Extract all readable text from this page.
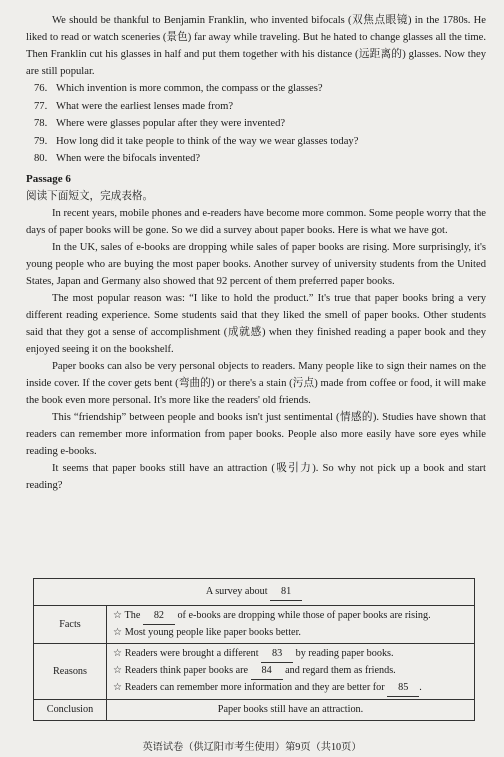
We should be thankful to Benjamin Franklin, who invented bifocals (双焦点眼镜) in the 1780s. He liked to read or watch sceneries (景色) far away while traveling. But he hated to change glasses all the time. Then Franklin cut his glasses in half and put them together with his distance (远距离的) glasses. Now they are still popular.

76. Which invention is more common, the compass or the glasses?

77. What were the earliest lenses made from?

78. Where were glasses popular after they were invented?

79. How long did it take people to think of the way we wear glasses today?

80. When were the bifocals invented?

Passage 6

阅读下面短文，完成表格。

In recent years, mobile phones and e-readers have become more common. Some people worry that the days of paper books will be gone. So we did a survey about paper books. Here is what we have got.

In the UK, sales of e-books are dropping while sales of paper books are rising. More surprisingly, it's young people who are buying the most paper books. Another survey of university students from the United States, Japan and Germany also showed that 92 percent of them preferred paper books.

The most popular reason was: “I like to hold the product.” It's true that paper books bring a very different reading experience. Some students said that they liked the smell of paper books. Other students said that they got a sense of accomplishment (成就感) when they finished reading a paper book and they enjoyed seeing it on the bookshelf.

Paper books can also be very personal objects to readers. Many people like to sign their names on the inside cover. If the cover gets bent (弯曲的) or there's a stain (污点) made from coffee or food, it will make the book even more personal. It's more like the readers' old friends.

This “friendship” between people and books isn't just sentimental (情感的). Studies have shown that readers can remember more information from paper books. People also more easily have sore eyes while reading e-books.

It seems that paper books still have an attraction (吸引力). So why not pick up a book and start reading?

A survey about 81	
Facts	☆ The 82 of e-books are dropping while those of paper books are rising.
☆ Most young people like paper books better.

Reasons	☆ Readers were brought a different 83 by reading paper books.
☆ Readers think paper books are 84 and regard them as friends.
☆ Readers can remember more information and they are better for 85 .

Conclusion	Paper books still have an attraction.
英语试卷（供辽阳市考生使用）第9页（共10页）
